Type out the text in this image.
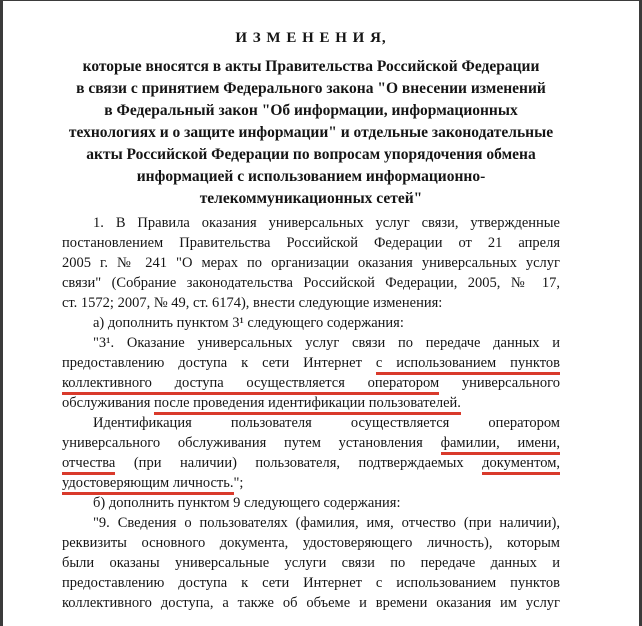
И З М Е Н Е Н И Я,
которые вносятся в акты Правительства Российской Федерации
в связи с принятием Федерального закона "О внесении изменений
в Федеральный закон "Об информации, информационных
технологиях и о защите информации" и отдельные законодательные
акты Российской Федерации по вопросам упорядочения обмена
информацией с использованием информационно-
телекоммуникационных сетей"
1. В Правила оказания универсальных услуг связи, утвержденные
постановлением Правительства Российской Федерации от 21 апреля
2005 г. № 241 "О мерах по организации оказания универсальных услуг
связи" (Собрание законодательства Российской Федерации, 2005, № 17,
ст. 1572; 2007, № 49, ст. 6174), внести следующие изменения:
а) дополнить пунктом 3¹ следующего содержания:
"3¹. Оказание универсальных услуг связи по передаче данных и
предоставлению доступа к сети Интернет с использованием пунктов
коллективного доступа осуществляется оператором универсального
обслуживания после проведения идентификации пользователей.
Идентификация пользователя осуществляется оператором
универсального обслуживания путем установления фамилии, имени,
отчества (при наличии) пользователя, подтверждаемых документом,
удостоверяющим личность.";
б) дополнить пунктом 9 следующего содержания:
"9. Сведения о пользователях (фамилия, имя, отчество (при наличии),
реквизиты основного документа, удостоверяющего личность), которым
были оказаны универсальные услуги связи по передаче данных и
предоставлению доступа к сети Интернет с использованием пунктов
коллективного доступа, а также об объеме и времени оказания им услуг
